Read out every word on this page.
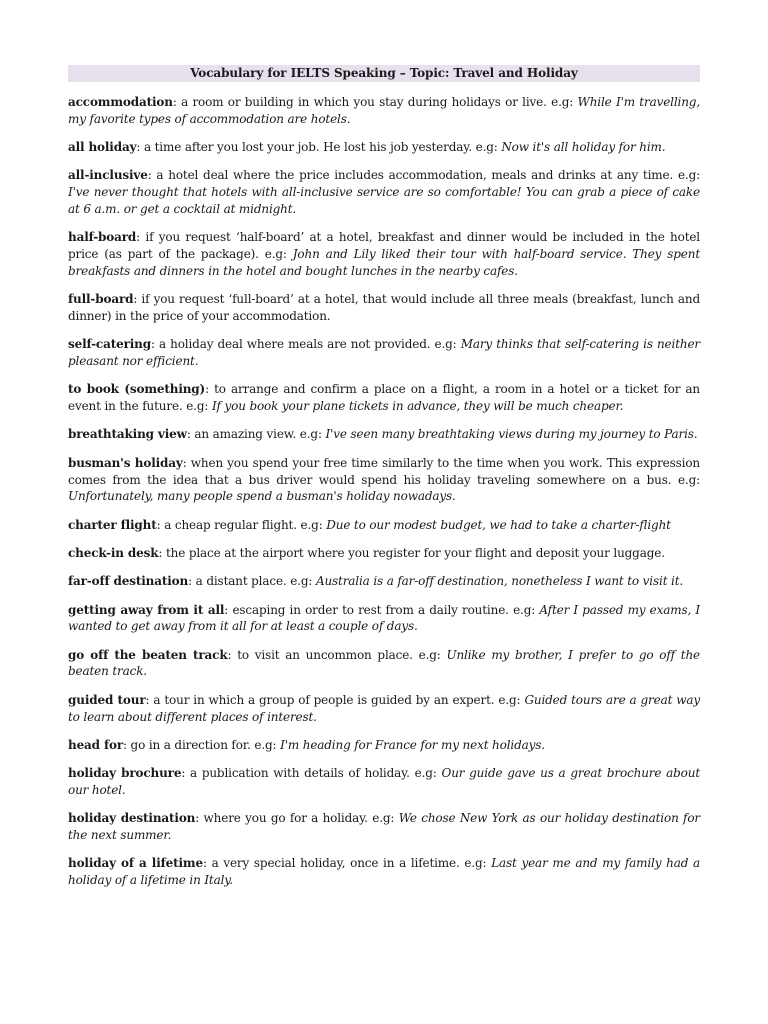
Vocabulary for IELTS Speaking – Topic: Travel and Holiday

accommodation: a room or building in which you stay during holidays or live. e.g: While I'm travelling, my favorite types of accommodation are hotels.

all holiday: a time after you lost your job. He lost his job yesterday. e.g: Now it's all holiday for him.

all-inclusive: a hotel deal where the price includes accommodation, meals and drinks at any time. e.g: I've never thought that hotels with all-inclusive service are so comfortable! You can grab a piece of cake at 6 a.m. or get a cocktail at midnight.

half-board: if you request ‘half-board’ at a hotel, breakfast and dinner would be included in the hotel price (as part of the package). e.g: John and Lily liked their tour with half-board service. They spent breakfasts and dinners in the hotel and bought lunches in the nearby cafes.

full-board: if you request ‘full-board’ at a hotel, that would include all three meals (breakfast, lunch and dinner) in the price of your accommodation.

self-catering: a holiday deal where meals are not provided. e.g: Mary thinks that self-catering is neither pleasant nor efficient.

to book (something): to arrange and confirm a place on a flight, a room in a hotel or a ticket for an event in the future. e.g: If you book your plane tickets in advance, they will be much cheaper.

breathtaking view: an amazing view. e.g: I've seen many breathtaking views during my journey to Paris.

busman's holiday: when you spend your free time similarly to the time when you work. This expression comes from the idea that a bus driver would spend his holiday traveling somewhere on a bus. e.g: Unfortunately, many people spend a busman's holiday nowadays.

charter flight: a cheap regular flight. e.g: Due to our modest budget, we had to take a charter-flight

check-in desk: the place at the airport where you register for your flight and deposit your luggage.

far-off destination: a distant place. e.g: Australia is a far-off destination, nonetheless I want to visit it.

getting away from it all: escaping in order to rest from a daily routine. e.g: After I passed my exams, I wanted to get away from it all for at least a couple of days.

go off the beaten track: to visit an uncommon place. e.g: Unlike my brother, I prefer to go off the beaten track.

guided tour: a tour in which a group of people is guided by an expert. e.g: Guided tours are a great way to learn about different places of interest.

head for: go in a direction for. e.g: I'm heading for France for my next holidays.

holiday brochure: a publication with details of holiday. e.g: Our guide gave us a great brochure about our hotel.

holiday destination: where you go for a holiday. e.g: We chose New York as our holiday destination for the next summer.

holiday of a lifetime: a very special holiday, once in a lifetime. e.g: Last year me and my family had a holiday of a lifetime in Italy.
